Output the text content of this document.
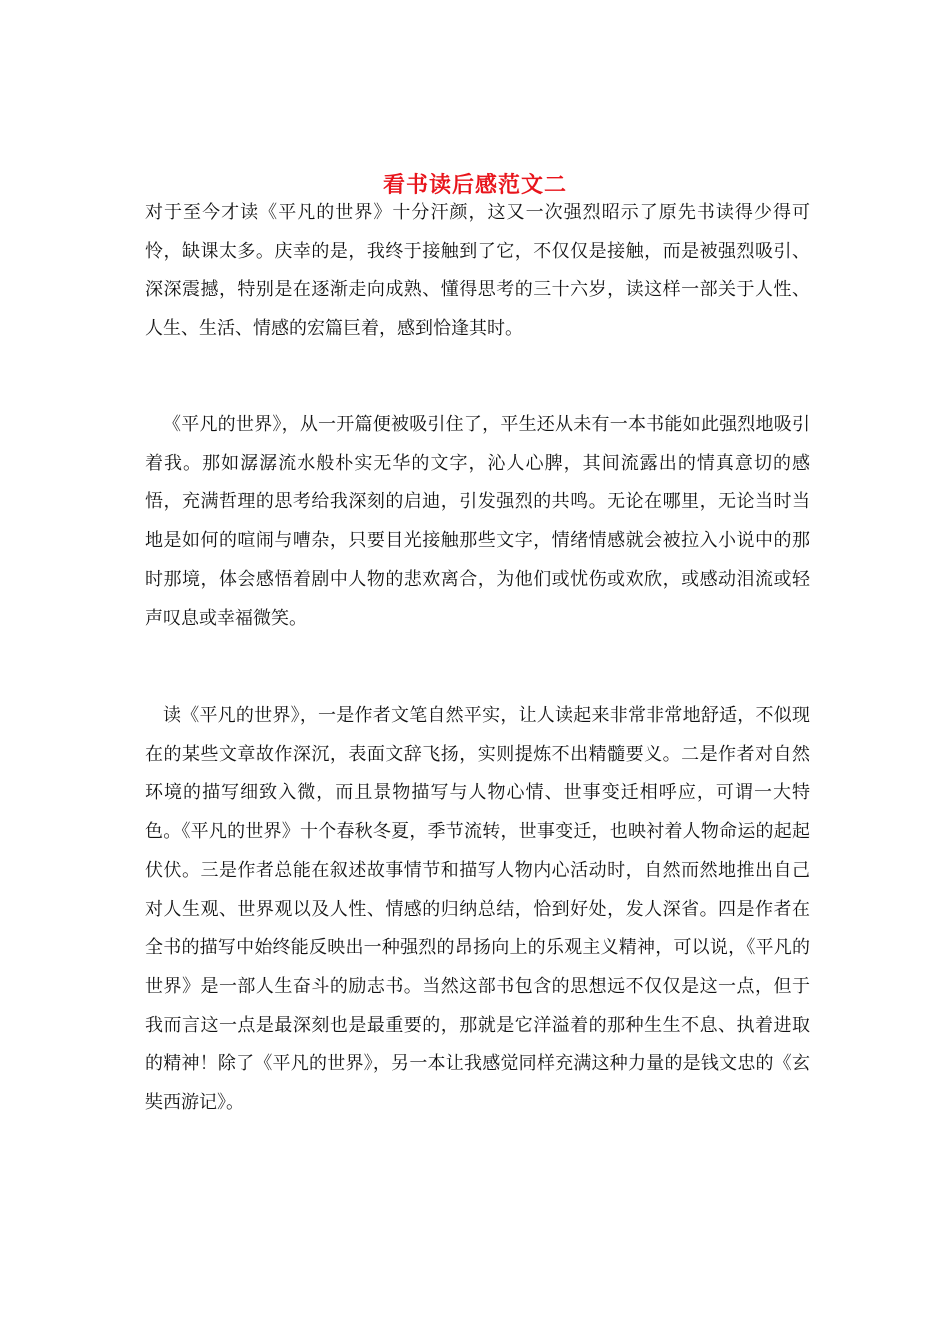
看书读后感范文二

对于至今才读《平凡的世界》十分汗颜，这又一次强烈昭示了原先书读得少得可怜，缺课太多。庆幸的是，我终于接触到了它，不仅仅是接触，而是被强烈吸引、深深震撼，特别是在逐渐走向成熟、懂得思考的三十六岁，读这样一部关于人性、人生、生活、情感的宏篇巨着，感到恰逢其时。

《平凡的世界》，从一开篇便被吸引住了，平生还从未有一本书能如此强烈地吸引着我。那如潺潺流水般朴实无华的文字，沁人心脾，其间流露出的情真意切的感悟，充满哲理的思考给我深刻的启迪，引发强烈的共鸣。无论在哪里，无论当时当地是如何的喧闹与嘈杂，只要目光接触那些文字，情绪情感就会被拉入小说中的那时那境，体会感悟着剧中人物的悲欢离合，为他们或忧伤或欢欣，或感动泪流或轻声叹息或幸福微笑。

读《平凡的世界》，一是作者文笔自然平实，让人读起来非常非常地舒适，不似现在的某些文章故作深沉，表面文辞飞扬，实则提炼不出精髓要义。二是作者对自然环境的描写细致入微，而且景物描写与人物心情、世事变迁相呼应，可谓一大特色。《平凡的世界》十个春秋冬夏，季节流转，世事变迁，也映衬着人物命运的起起伏伏。三是作者总能在叙述故事情节和描写人物内心活动时，自然而然地推出自己对人生观、世界观以及人性、情感的归纳总结，恰到好处，发人深省。四是作者在全书的描写中始终能反映出一种强烈的昂扬向上的乐观主义精神，可以说，《平凡的世界》是一部人生奋斗的励志书。当然这部书包含的思想远不仅仅是这一点，但于我而言这一点是最深刻也是最重要的，那就是它洋溢着的那种生生不息、执着进取的精神！除了《平凡的世界》，另一本让我感觉同样充满这种力量的是钱文忠的《玄奘西游记》。
